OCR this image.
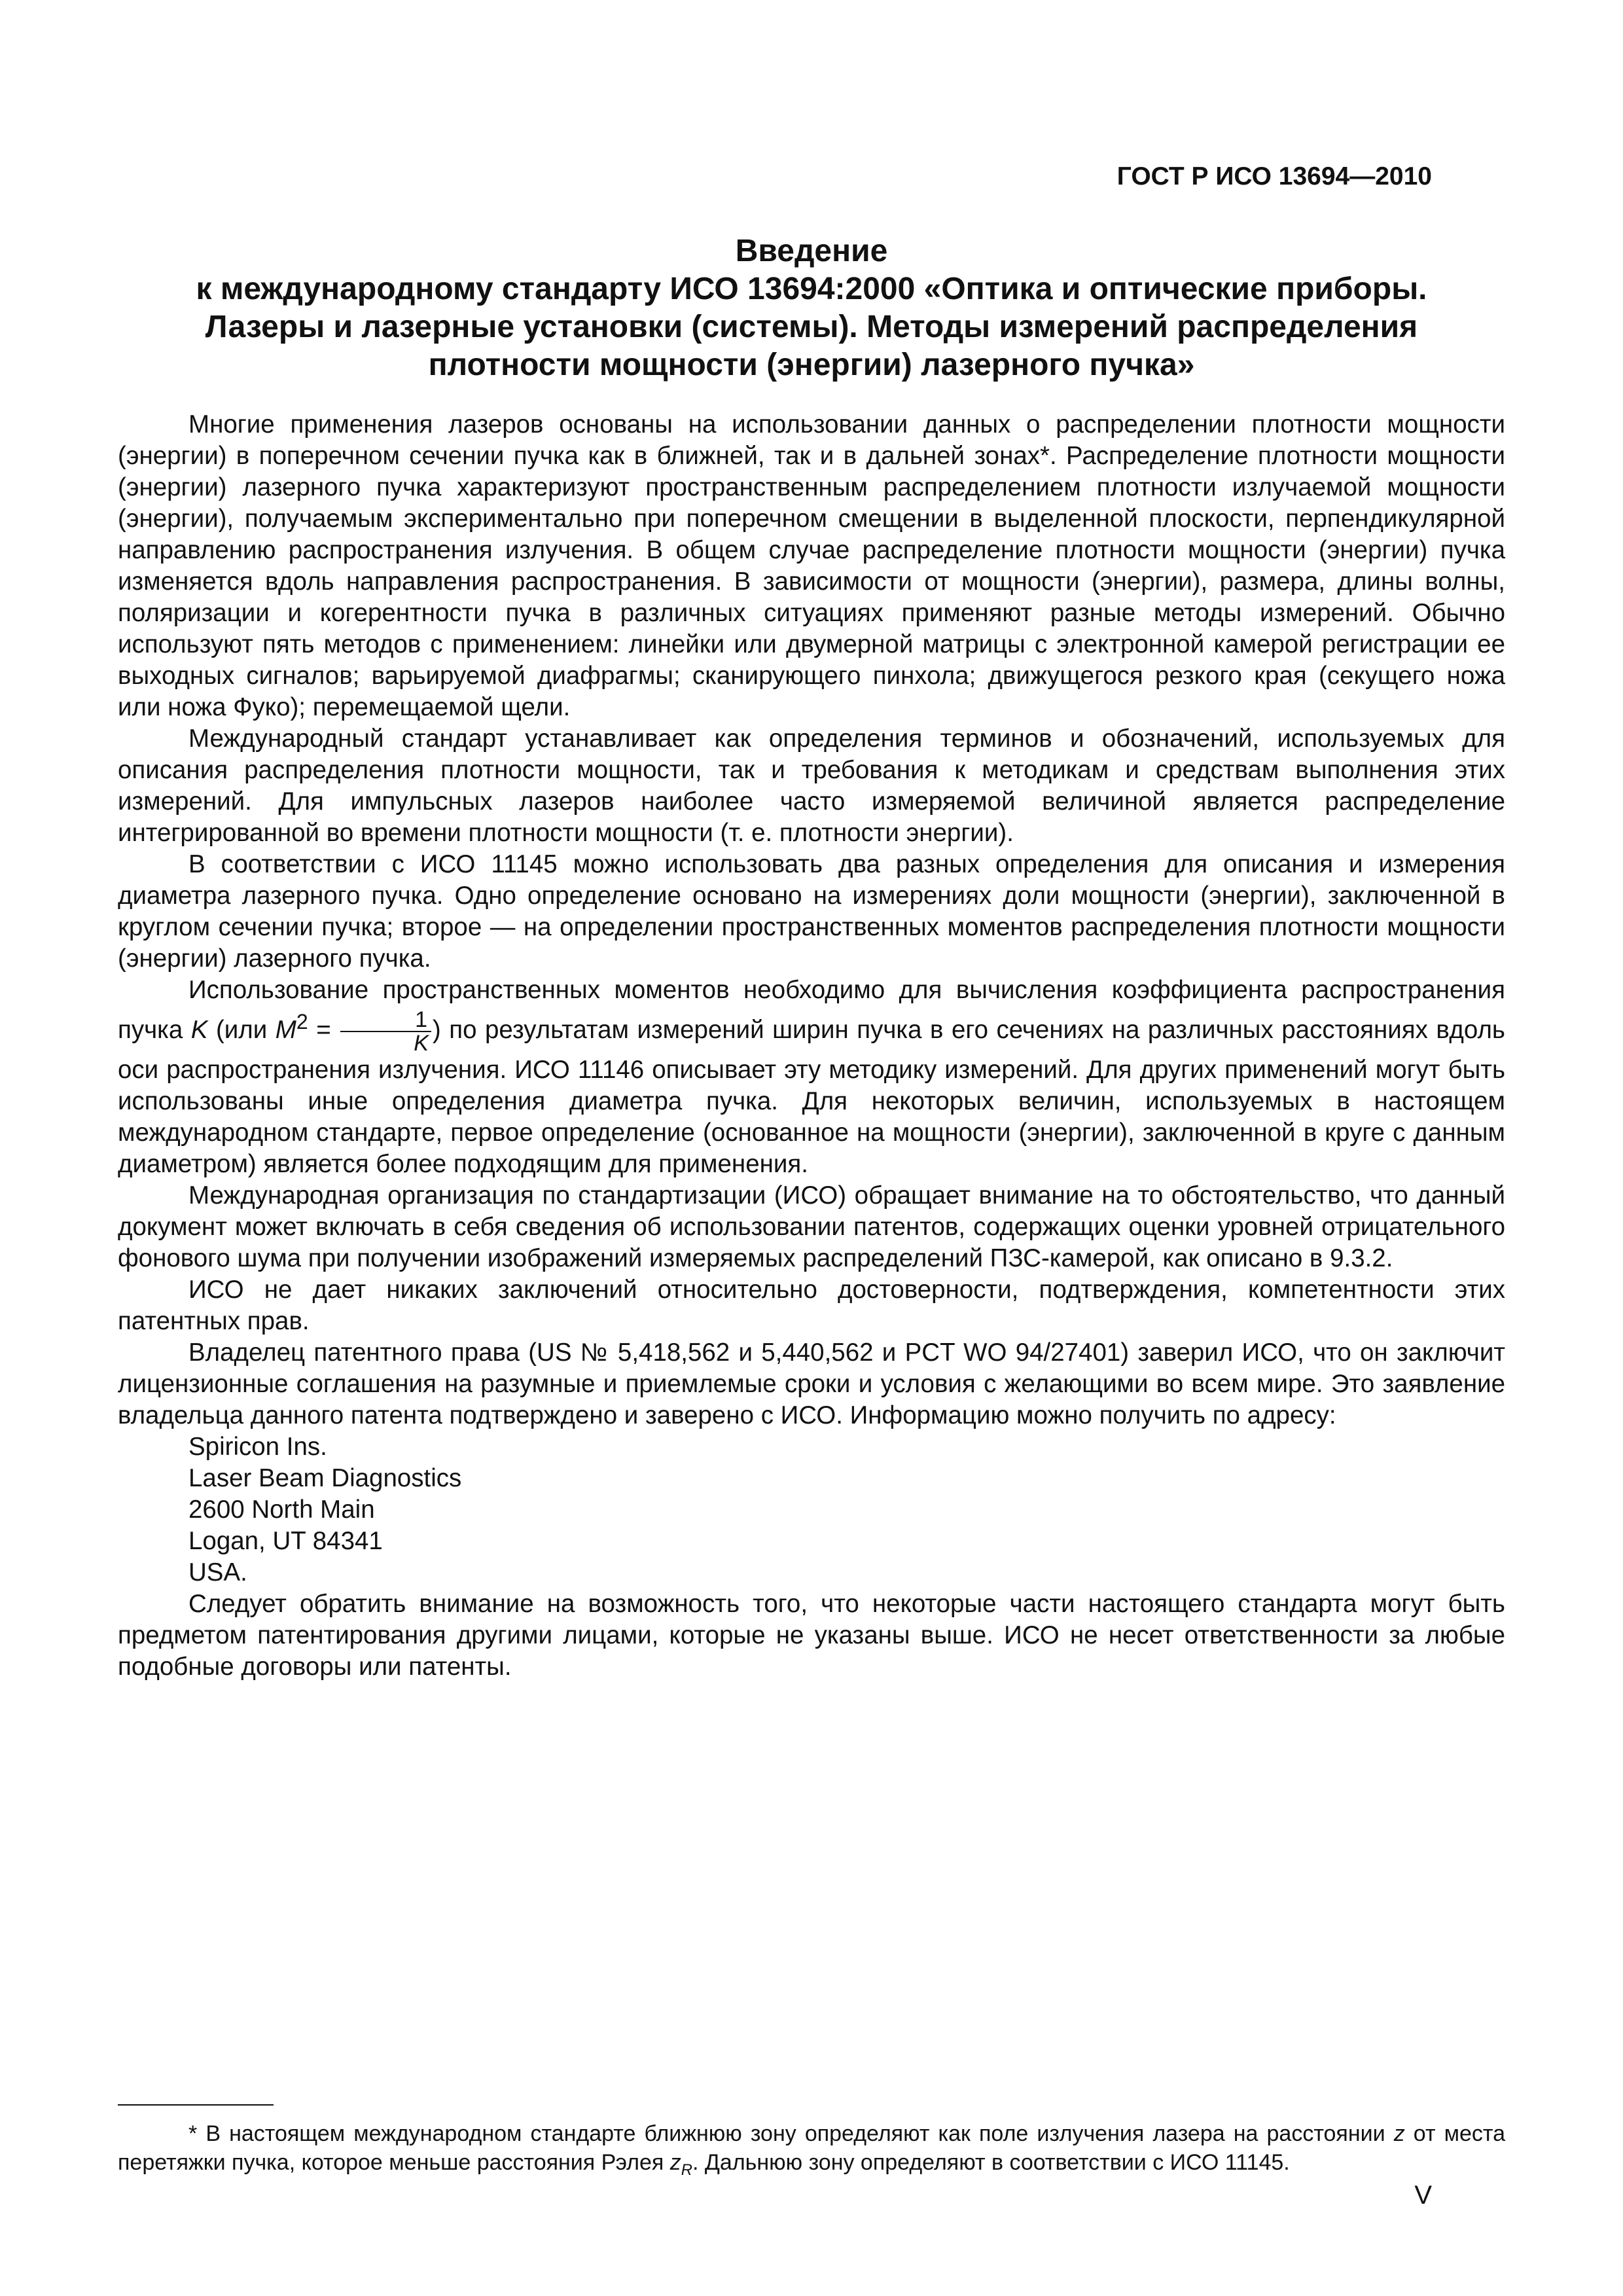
ГОСТ Р ИСО 13694—2010
Введение
к международному стандарту ИСО 13694:2000 «Оптика и оптические приборы.
Лазеры и лазерные установки (системы). Методы измерений распределения
плотности мощности (энергии) лазерного пучка»

Многие применения лазеров основаны на использовании данных о распределении плотности мощности (энергии) в поперечном сечении пучка как в ближней, так и в дальней зонах*. Распределение плотности мощности (энергии) лазерного пучка характеризуют пространственным распределением плотности излучаемой мощности (энергии), получаемым экспериментально при поперечном смещении в выделенной плоскости, перпендикулярной направлению распространения излучения. В общем случае распределение плотности мощности (энергии) пучка изменяется вдоль направления распространения. В зависимости от мощности (энергии), размера, длины волны, поляризации и когерентности пучка в различных ситуациях применяют разные методы измерений. Обычно используют пять методов с применением: линейки или двумерной матрицы с электронной камерой регистрации ее выходных сигналов; варьируемой диафрагмы; сканирующего пинхола; движущегося резкого края (секущего ножа или ножа Фуко); перемещаемой щели.

Международный стандарт устанавливает как определения терминов и обозначений, используемых для описания распределения плотности мощности, так и требования к методикам и средствам выполнения этих измерений. Для импульсных лазеров наиболее часто измеряемой величиной является распределение интегрированной во времени плотности мощности (т. е. плотности энергии).

В соответствии с ИСО 11145 можно использовать два разных определения для описания и измерения диаметра лазерного пучка. Одно определение основано на измерениях доли мощности (энергии), заключенной в круглом сечении пучка; второе — на определении пространственных моментов распределения плотности мощности (энергии) лазерного пучка.

Использование пространственных моментов необходимо для вычисления коэффициента распространения пучка K (или $M^2 = \frac{1}{K}$ ) по результатам измерений ширин пучка в его сечениях на различных расстояниях вдоль оси распространения излучения. ИСО 11146 описывает эту методику измерений. Для других применений могут быть использованы иные определения диаметра пучка. Для некоторых величин, используемых в настоящем международном стандарте, первое определение (основанное на мощности (энергии), заключенной в круге с данным диаметром) является более подходящим для применения.

Международная организация по стандартизации (ИСО) обращает внимание на то обстоятельство, что данный документ может включать в себя сведения об использовании патентов, содержащих оценки уровней отрицательного фонового шума при получении изображений измеряемых распределений ПЗС-камерой, как описано в 9.3.2.

ИСО не дает никаких заключений относительно достоверности, подтверждения, компетентности этих патентных прав.

Владелец патентного права (US № 5,418,562 и 5,440,562 и PCT WO 94/27401) заверил ИСО, что он заключит лицензионные соглашения на разумные и приемлемые сроки и условия с желающими во всем мире. Это заявление владельца данного патента подтверждено и заверено с ИСО. Информацию можно получить по адресу:

Spiricon Ins.

Laser Beam Diagnostics

2600 North Main

Logan, UT 84341

USA.

Следует обратить внимание на возможность того, что некоторые части настоящего стандарта могут быть предметом патентирования другими лицами, которые не указаны выше. ИСО не несет ответственности за любые подобные договоры или патенты.

* В настоящем международном стандарте ближнюю зону определяют как поле излучения лазера на расстоянии z от места перетяжки пучка, которое меньше расстояния Рэлея $z_R$. Дальнюю зону определяют в соответствии с ИСО 11145.

V
